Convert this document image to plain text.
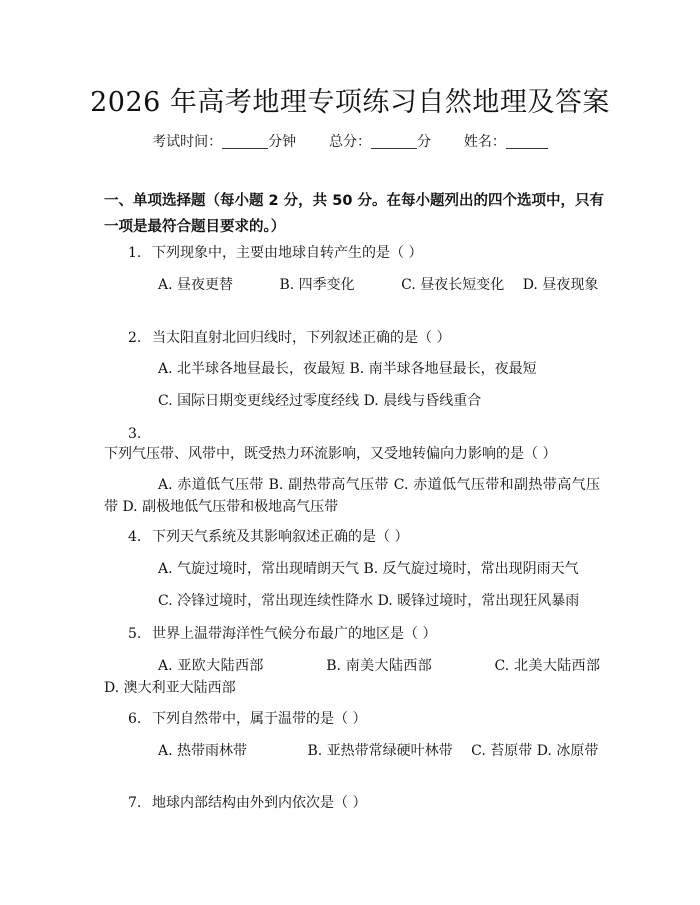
2026 年高考地理专项练习自然地理及答案
考试时间：	分钟 总分：	分 姓名：
一、单项选择题（每小题 2 分，共 50 分。在每小题列出的四个选项中，只有一项是最符合题目要求的。）
1. 下列现象中，主要由地球自转产生的是（ ）
A. 昼夜更替　　　	B. 四季变化　　　	C. 昼夜长短变化　 D. 昼夜现象
2. 当太阳直射北回归线时，下列叙述正确的是（ ）
A. 北半球各地昼最长，夜最短 B. 南半球各地昼最长，夜最短
C. 国际日期变更线经过零度经线 D. 晨线与昏线重合
3.下列气压带、风带中，既受热力环流影响，又受地转偏向力影响的是（ ）
A. 赤道低气压带 B. 副热带高气压带 C. 赤道低气压带和副热带高气压带 D. 副极地低气压带和极地高气压带
4. 下列天气系统及其影响叙述正确的是（ ）
A. 气旋过境时，常出现晴朗天气 B. 反气旋过境时，常出现阴雨天气
C. 冷锋过境时，常出现连续性降水 D. 暖锋过境时，常出现狂风暴雨
5. 世界上温带海洋性气候分布最广的地区是（ ）
A. 亚欧大陆西部　　　　	B. 南美大陆西部　　　　	C. 北美大陆西部 D. 澳大利亚大陆西部
6. 下列自然带中，属于温带的是（ ）
A. 热带雨林带　　　　	B. 亚热带常绿硬叶林带　 C. 苔原带 D. 冰原带
7. 地球内部结构由外到内依次是（ ）
